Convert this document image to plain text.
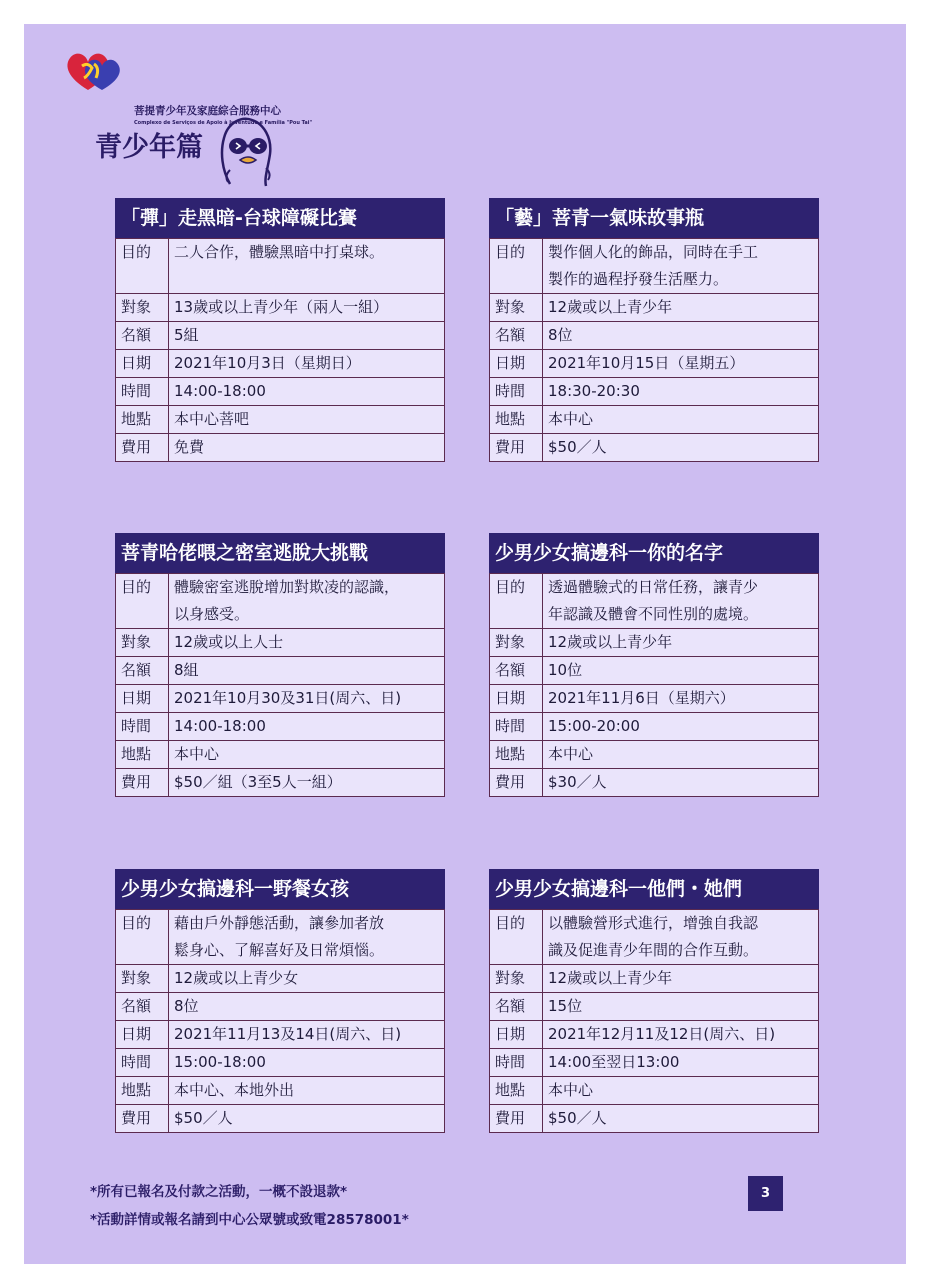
菩提青少年及家庭綜合服務中心
Complexo de Serviços de Apoio à Juventude e Família "Pou Tai"
青少年篇
「彈」走黑暗-台球障礙比賽
目的	二人合作，體驗黑暗中打桌球。

對象	13歲或以上青少年（兩人一組）
名額	5組
日期	2021年10月3日（星期日）
時間	14:00-18:00
地點	本中心菩吧
費用	免費
「藝」菩青一氣味故事瓶
目的	製作個人化的飾品，同時在手工
製作的過程抒發生活壓力。

對象	12歲或以上青少年
名額	8位
日期	2021年10月15日（星期五）
時間	18:30-20:30
地點	本中心
費用	$50／人
菩青哈佬喂之密室逃脫大挑戰
目的	體驗密室逃脫增加對欺凌的認識，
以身感受。

對象	12歲或以上人士
名額	8組
日期	2021年10月30及31日(周六、日)
時間	14:00-18:00
地點	本中心
費用	$50／組（3至5人一組）
少男少女搞邊科一你的名字
目的	透過體驗式的日常任務，讓青少
年認識及體會不同性別的處境。

對象	12歲或以上青少年
名額	10位
日期	2021年11月6日（星期六）
時間	15:00-20:00
地點	本中心
費用	$30／人
少男少女搞邊科一野餐女孩
目的	藉由戶外靜態活動，讓參加者放
鬆身心、了解喜好及日常煩惱。

對象	12歲或以上青少女
名額	8位
日期	2021年11月13及14日(周六、日)
時間	15:00-18:00
地點	本中心、本地外出
費用	$50／人
少男少女搞邊科一他們・她們
目的	以體驗營形式進行，增強自我認
識及促進青少年間的合作互動。

對象	12歲或以上青少年
名額	15位
日期	2021年12月11及12日(周六、日)
時間	14:00至翌日13:00
地點	本中心
費用	$50／人
*所有已報名及付款之活動，一概不設退款*
*活動詳情或報名請到中心公眾號或致電28578001*
3
